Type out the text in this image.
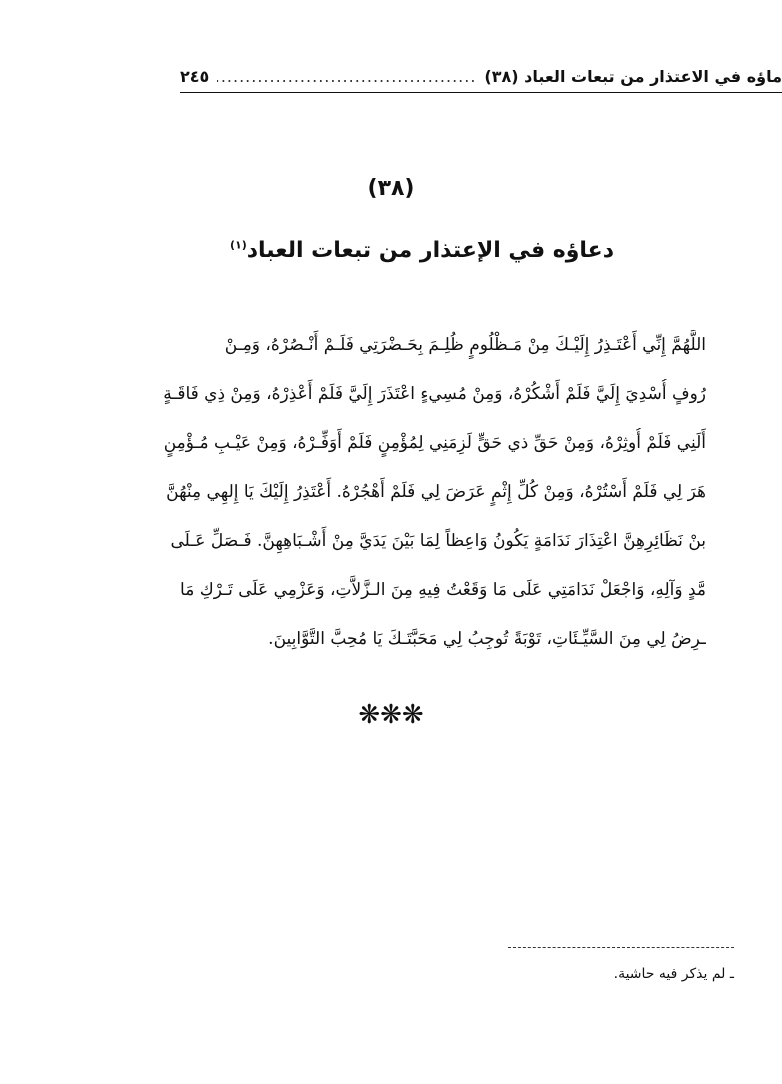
ماؤه في الاعتذار من تبعات العباد (٣٨)
.....
٢٤٥
(٣٨)
دعاؤه في الإعتذار من تبعات العباد$^{(١)}$
اللَّهُمَّ إِنِّي أَعْتَـذِرُ إِلَيْـكَ مِنْ مَـظْلُومٍ ظُلِـمَ بِحَـضْرَتِي فَلَـمْ أَنْـصُرْهُ، وَمِـنْ
رُوفٍ أُسْدِيَ إِلَيَّ فَلَمْ أَشْكُرْهُ، وَمِنْ مُسِيءٍ اعْتَذَرَ إِلَيَّ فَلَمْ أَعْذِرْهُ، وَمِنْ ذِي فَاقَـةٍ
أَلَنِي فَلَمْ أُوثِرْهُ، وَمِنْ حَقِّ ذي حَقٍّ لَزِمَنِي لِمُؤْمِنٍ فَلَمْ أَوَفِّـرْهُ، وَمِنْ عَيْـبِ مُـؤْمِنٍ
هَرَ لِي فَلَمْ أَسْتُرْهُ، وَمِنْ كُلِّ إِثْمٍ عَرَضَ لِي فَلَمْ أَهْجُرْهُ. أَعْتَذِرُ إِلَيْكَ يَا إِلهِي مِنْهُنَّ
بنْ نَظَائِرِهِنَّ اعْتِذَارَ نَدَامَةٍ يَكُونُ وَاعِظاً لِمَا بَيْنَ يَدَيَّ مِنْ أَشْـبَاهِهِنَّ. فَـصَلِّ عَـلَى
مَّدٍ وَآلِهِ، وَاجْعَلْ نَدَامَتِي عَلَى مَا وَقَعْتُ فِيهِ مِنَ الـزَّلاَّتِ، وَعَزْمِي عَلَى تَـرْكِ مَا
ـرِضُ لِي مِنَ السَّيِّـئَاتِ، تَوْبَةً تُوجِبُ لِي مَحَبَّتَـكَ يَا مُحِبَّ التَّوَّابِينَ.
❋❋❋
ـ لم يذكر فيه حاشية.
